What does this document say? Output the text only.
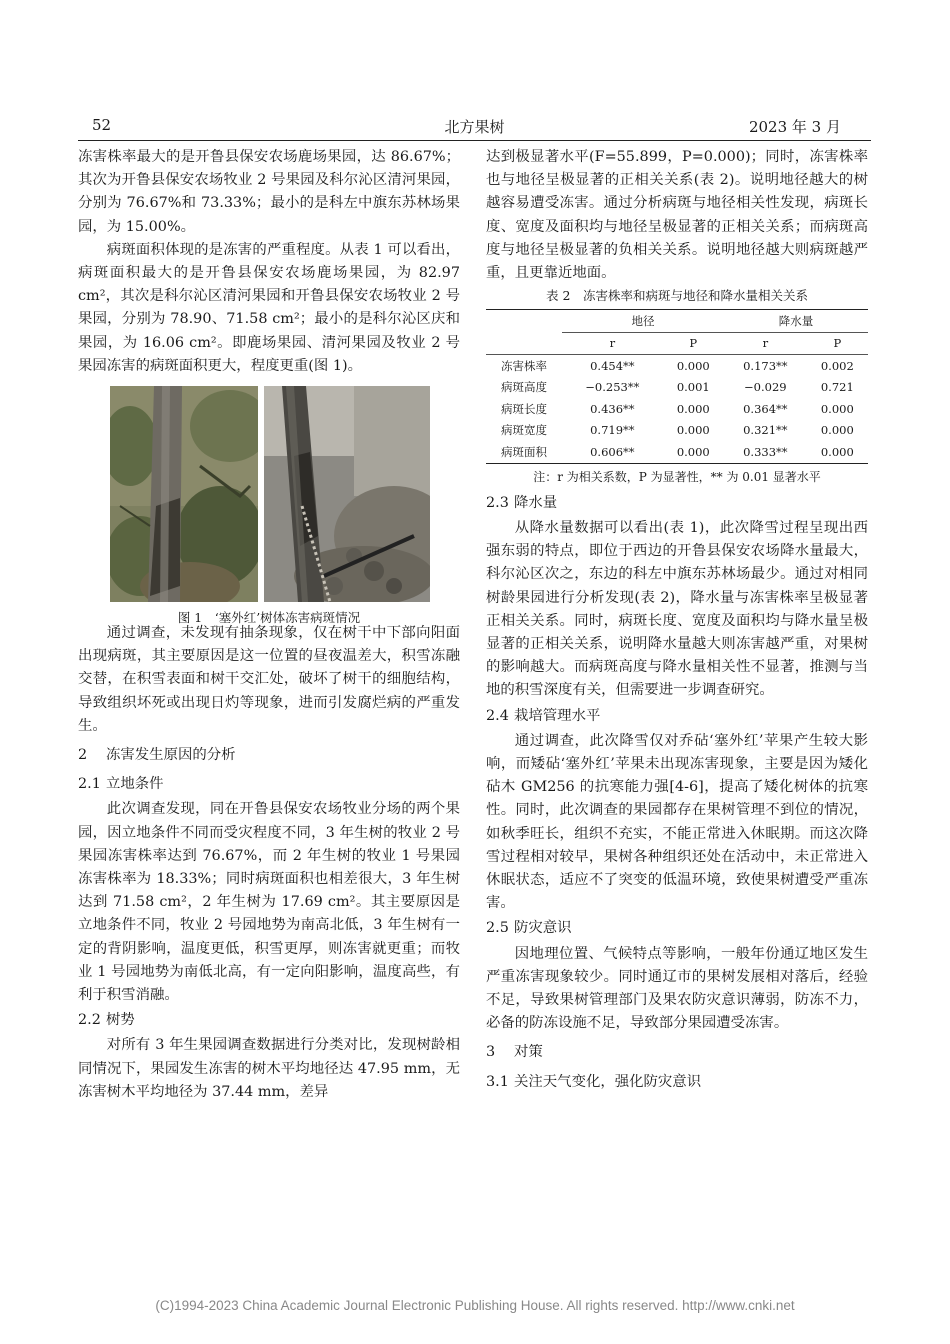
52	北方果树	2023 年 3 月

冻害株率最大的是开鲁县保安农场鹿场果园，达 86.67%；其次为开鲁县保安农场牧业 2 号果园及科尔沁区清河果园，分别为 76.67%和 73.33%；最小的是科左中旗东苏林场果园，为 15.00%。

病斑面积体现的是冻害的严重程度。从表 1 可以看出，病斑面积最大的是开鲁县保安农场鹿场果园，为 82.97 cm²，其次是科尔沁区清河果园和开鲁县保安农场牧业 2 号果园，分别为 78.90、71.58 cm²；最小的是科尔沁区庆和果园，为 16.06 cm²。即鹿场果园、清河果园及牧业 2 号果园冻害的病斑面积更大，程度更重(图 1)。

图 1　‘塞外红’树体冻害病斑情况

通过调查，未发现有抽条现象，仅在树干中下部向阳面出现病斑，其主要原因是这一位置的昼夜温差大，积雪冻融交替，在积雪表面和树干交汇处，破坏了树干的细胞结构，导致组织坏死或出现日灼等现象，进而引发腐烂病的严重发生。

2 冻害发生原因的分析
2.1 立地条件

此次调查发现，同在开鲁县保安农场牧业分场的两个果园，因立地条件不同而受灾程度不同，3 年生树的牧业 2 号果园冻害株率达到 76.67%，而 2 年生树的牧业 1 号果园冻害株率为 18.33%；同时病斑面积也相差很大，3 年生树达到 71.58 cm²，2 年生树为 17.69 cm²。其主要原因是立地条件不同，牧业 2 号园地势为南高北低，3 年生树有一定的背阴影响，温度更低，积雪更厚，则冻害就更重；而牧业 1 号园地势为南低北高，有一定向阳影响，温度高些，有利于积雪消融。

2.2 树势

对所有 3 年生果园调查数据进行分类对比，发现树龄相同情况下，果园发生冻害的树木平均地径达 47.95 mm，无冻害树木平均地径为 37.44 mm，差异

达到极显著水平(F=55.899，P=0.000)；同时，冻害株率也与地径呈极显著的正相关关系(表 2)。说明地径越大的树越容易遭受冻害。通过分析病斑与地径相关性发现，病斑长度、宽度及面积均与地径呈极显著的正相关关系；而病斑高度与地径呈极显著的负相关关系。说明地径越大则病斑越严重，且更靠近地面。

表 2　冻害株率和病斑与地径和降水量相关关系
	地径		降水量	
	r	P	r	P
冻害株率	0.454**	0.000	0.173**	0.002
病斑高度	−0.253**	0.001	−0.029	0.721
病斑长度	0.436**	0.000	0.364**	0.000
病斑宽度	0.719**	0.000	0.321**	0.000
病斑面积	0.606**	0.000	0.333**	0.000
注：r 为相关系数，P 为显著性，** 为 0.01 显著水平
2.3 降水量

从降水量数据可以看出(表 1)，此次降雪过程呈现出西强东弱的特点，即位于西边的开鲁县保安农场降水量最大，科尔沁区次之，东边的科左中旗东苏林场最少。通过对相同树龄果园进行分析发现(表 2)，降水量与冻害株率呈极显著正相关关系。同时，病斑长度、宽度及面积均与降水量呈极显著的正相关关系，说明降水量越大则冻害越严重，对果树的影响越大。而病斑高度与降水量相关性不显著，推测与当地的积雪深度有关，但需要进一步调查研究。

2.4 栽培管理水平

通过调查，此次降雪仅对乔砧‘塞外红’苹果产生较大影响，而矮砧‘塞外红’苹果未出现冻害现象，主要是因为矮化砧木 GM256 的抗寒能力强[4-6]，提高了矮化树体的抗寒性。同时，此次调查的果园都存在果树管理不到位的情况，如秋季旺长，组织不充实，不能正常进入休眠期。而这次降雪过程相对较早，果树各种组织还处在活动中，未正常进入休眠状态，适应不了突变的低温环境，致使果树遭受严重冻害。

2.5 防灾意识

因地理位置、气候特点等影响，一般年份通辽地区发生严重冻害现象较少。同时通辽市的果树发展相对落后，经验不足，导致果树管理部门及果农防灾意识薄弱，防冻不力，必备的防冻设施不足，导致部分果园遭受冻害。

3 对策
3.1 关注天气变化，强化防灾意识
(C)1994-2023 China Academic Journal Electronic Publishing House. All rights reserved. http://www.cnki.net
